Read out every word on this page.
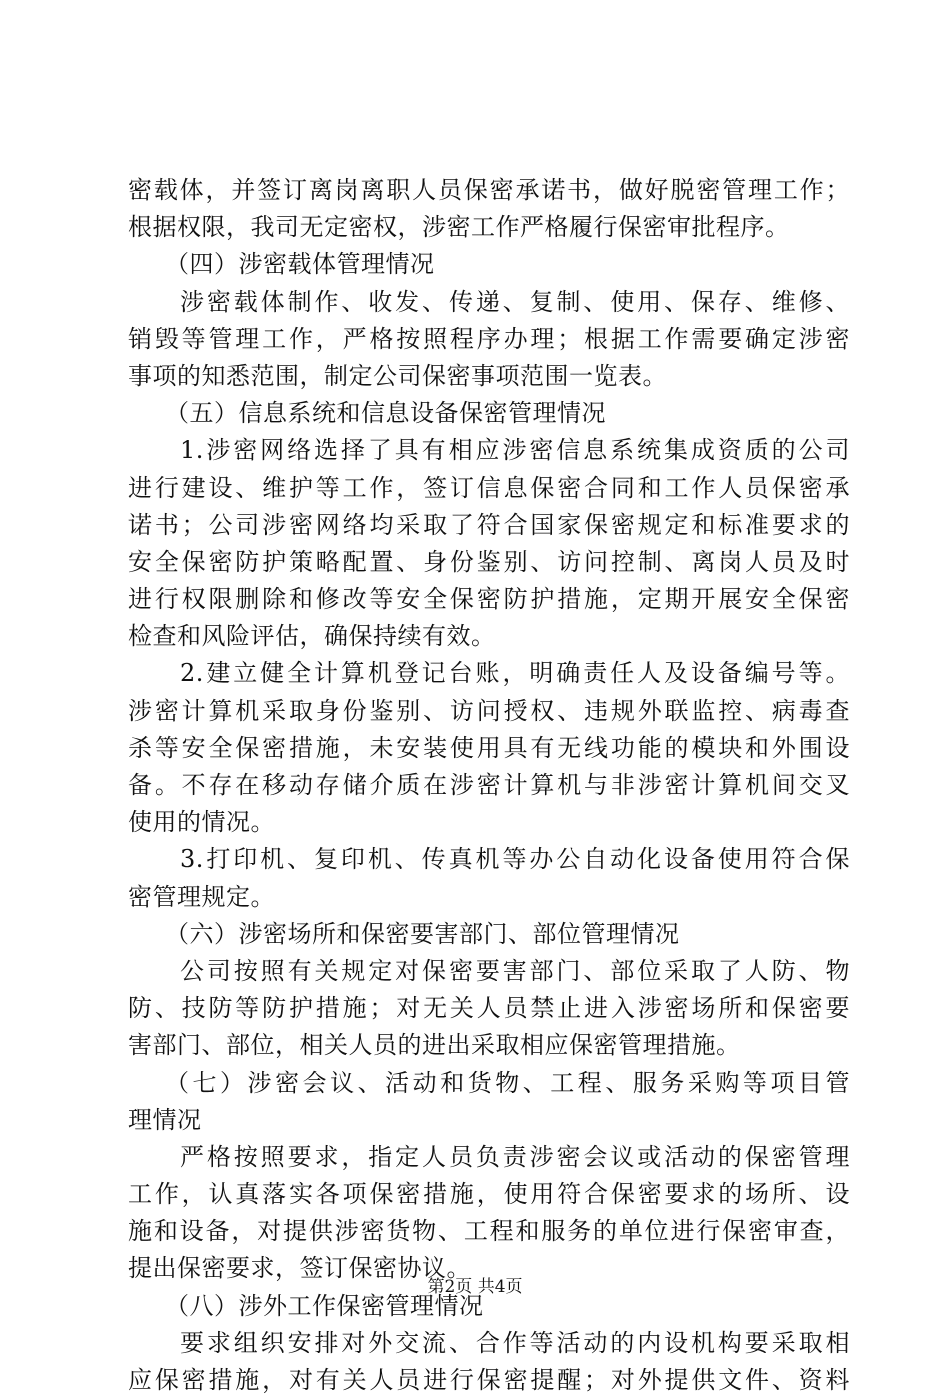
密载体，并签订离岗离职人员保密承诺书，做好脱密管理工作；
根据权限，我司无定密权，涉密工作严格履行保密审批程序。
（四）涉密载体管理情况
涉密载体制作、收发、传递、复制、使用、保存、维修、
销毁等管理工作，严格按照程序办理；根据工作需要确定涉密
事项的知悉范围，制定公司保密事项范围一览表。
（五）信息系统和信息设备保密管理情况
1.涉密网络选择了具有相应涉密信息系统集成资质的公司
进行建设、维护等工作，签订信息保密合同和工作人员保密承
诺书；公司涉密网络均采取了符合国家保密规定和标准要求的
安全保密防护策略配置、身份鉴别、访问控制、离岗人员及时
进行权限删除和修改等安全保密防护措施，定期开展安全保密
检查和风险评估，确保持续有效。
2.建立健全计算机登记台账，明确责任人及设备编号等。
涉密计算机采取身份鉴别、访问授权、违规外联监控、病毒查
杀等安全保密措施，未安装使用具有无线功能的模块和外围设
备。不存在移动存储介质在涉密计算机与非涉密计算机间交叉
使用的情况。
3.打印机、复印机、传真机等办公自动化设备使用符合保
密管理规定。
（六）涉密场所和保密要害部门、部位管理情况
公司按照有关规定对保密要害部门、部位采取了人防、物
防、技防等防护措施；对无关人员禁止进入涉密场所和保密要
害部门、部位，相关人员的进出采取相应保密管理措施。
（七）涉密会议、活动和货物、工程、服务采购等项目管
理情况
严格按照要求，指定人员负责涉密会议或活动的保密管理
工作，认真落实各项保密措施，使用符合保密要求的场所、设
施和设备，对提供涉密货物、工程和服务的单位进行保密审查，
提出保密要求，签订保密协议。
（八）涉外工作保密管理情况
要求组织安排对外交流、合作等活动的内设机构要采取相
应保密措施，对有关人员进行保密提醒；对外提供文件、资料
第2页 共4页
